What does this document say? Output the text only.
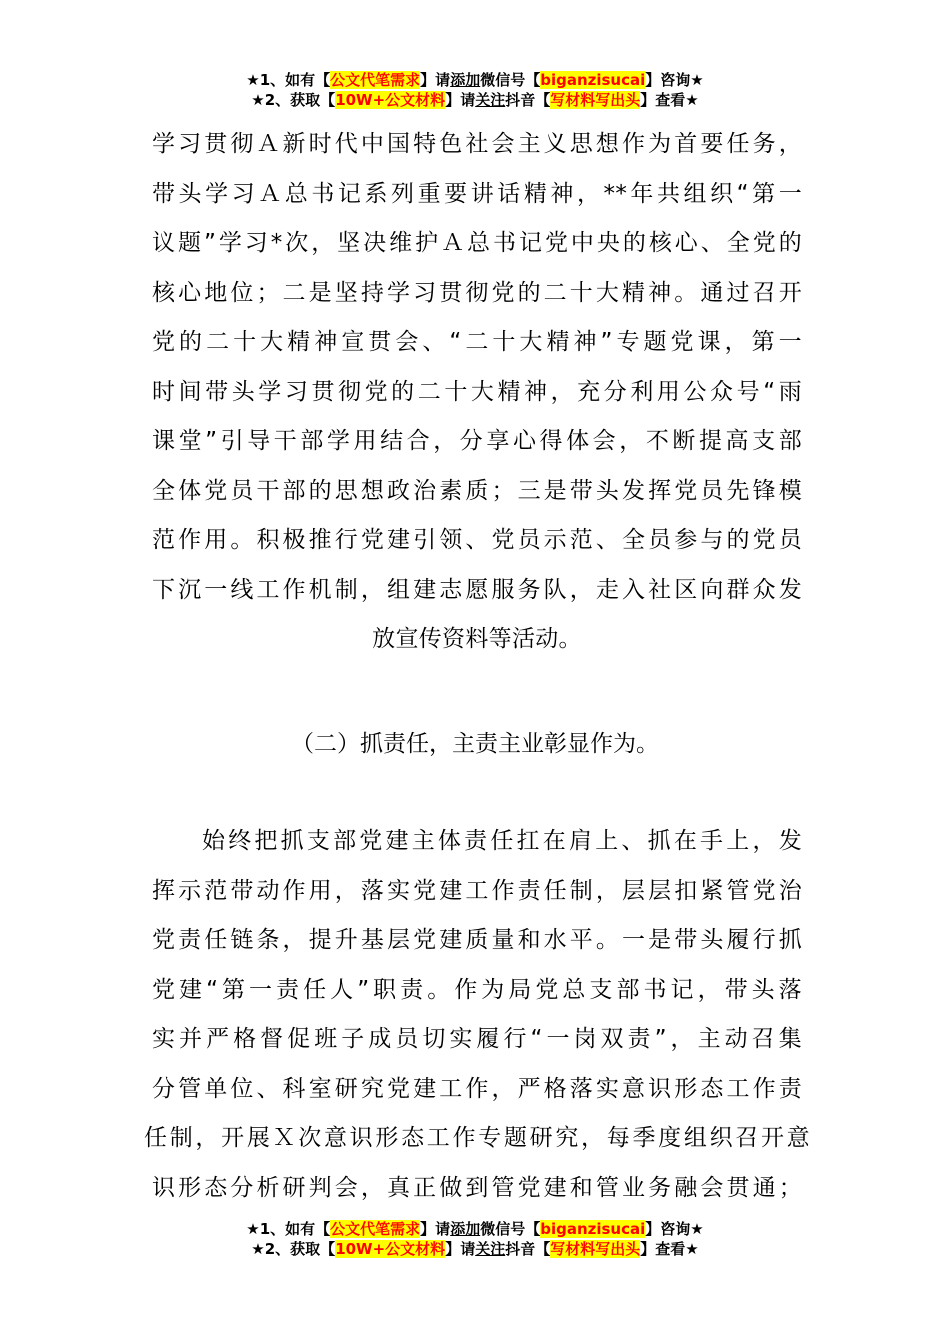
★1、如有【公文代笔需求】请添加微信号【biganzisucai】咨询★
★2、获取【10W+公文材料】请关注抖音【写材料写出头】查看★
学习贯彻Ａ新时代中国特色社会主义思想作为首要任务，
带头学习Ａ总书记系列重要讲话精神，**年共组织“第一
议题”学习*次，坚决维护Ａ总书记党中央的核心、全党的
核心地位；二是坚持学习贯彻党的二十大精神。通过召开
党的二十大精神宣贯会、“二十大精神”专题党课，第一
时间带头学习贯彻党的二十大精神，充分利用公众号“雨
课堂”引导干部学用结合，分享心得体会，不断提高支部
全体党员干部的思想政治素质；三是带头发挥党员先锋模
范作用。积极推行党建引领、党员示范、全员参与的党员
下沉一线工作机制，组建志愿服务队，走入社区向群众发
放宣传资料等活动。
（二）抓责任，主责主业彰显作为。
始终把抓支部党建主体责任扛在肩上、抓在手上，发
挥示范带动作用，落实党建工作责任制，层层扣紧管党治
党责任链条，提升基层党建质量和水平。一是带头履行抓
党建“第一责任人”职责。作为局党总支部书记，带头落
实并严格督促班子成员切实履行“一岗双责”，主动召集
分管单位、科室研究党建工作，严格落实意识形态工作责
任制，开展Ｘ次意识形态工作专题研究，每季度组织召开意
识形态分析研判会，真正做到管党建和管业务融会贯通；
★1、如有【公文代笔需求】请添加微信号【biganzisucai】咨询★
★2、获取【10W+公文材料】请关注抖音【写材料写出头】查看★
